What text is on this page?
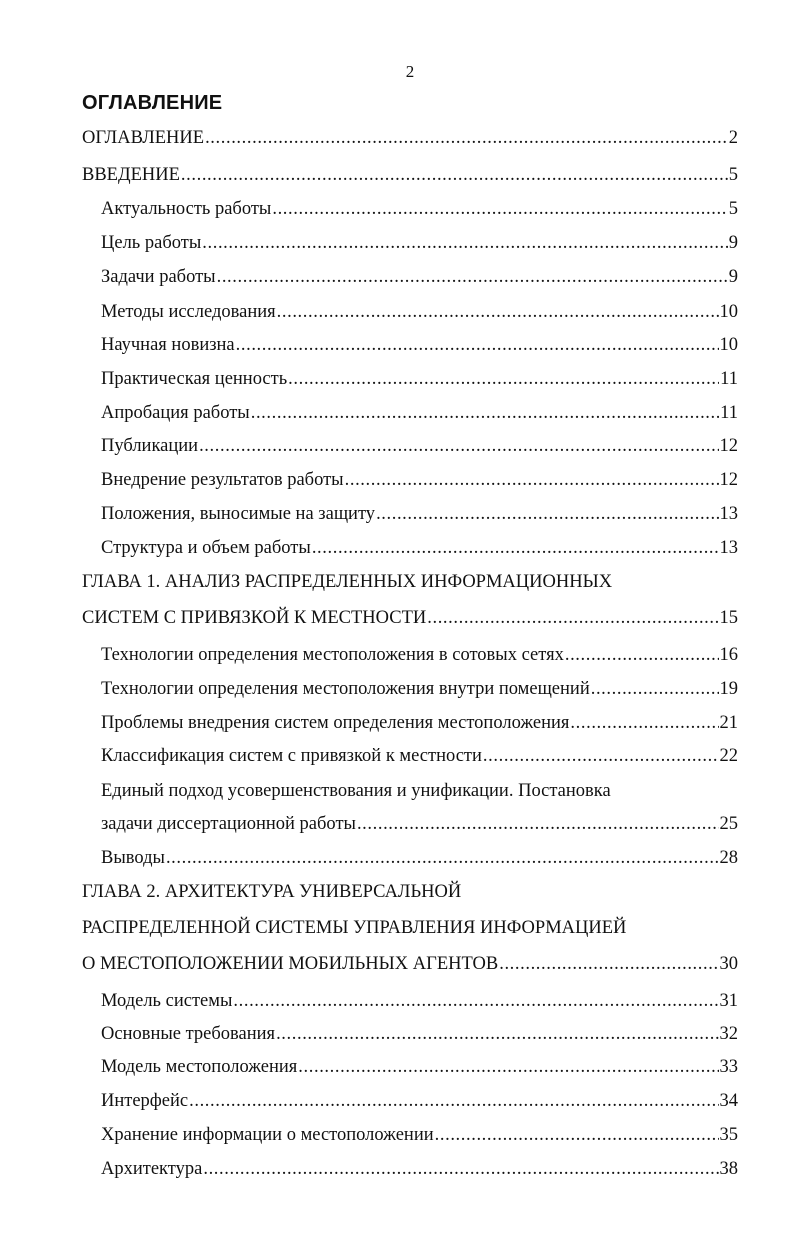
2
ОГЛАВЛЕНИЕ
ОГЛАВЛЕНИЕ .....	2
ВВЕДЕНИЕ .....	5
Актуальность работы .....	5
Цель работы .....	9
Задачи работы .....	9
Методы исследования .....	10
Научная новизна .....	10
Практическая ценность .....	11
Апробация работы .....	11
Публикации .....	12
Внедрение результатов работы .....	12
Положения, выносимые на защиту .....	13
Структура и объем работы .....	13
ГЛАВА 1. АНАЛИЗ РАСПРЕДЕЛЕННЫХ ИНФОРМАЦИОННЫХ
СИСТЕМ С ПРИВЯЗКОЙ К МЕСТНОСТИ .....	15
Технологии определения местоположения в сотовых сетях .....	16
Технологии определения местоположения внутри помещений .....	19
Проблемы внедрения систем определения местоположения .....	21
Классификация систем с привязкой к местности .....	22
Единый подход усовершенствования и унификации. Постановка
задачи диссертационной работы .....	25
Выводы .....	28
ГЛАВА 2. АРХИТЕКТУРА УНИВЕРСАЛЬНОЙ
РАСПРЕДЕЛЕННОЙ СИСТЕМЫ УПРАВЛЕНИЯ ИНФОРМАЦИЕЙ
О МЕСТОПОЛОЖЕНИИ МОБИЛЬНЫХ АГЕНТОВ .....	30
Модель системы .....	31
Основные требования .....	32
Модель местоположения .....	33
Интерфейс .....	34
Хранение информации о местоположении .....	35
Архитектура .....	38
